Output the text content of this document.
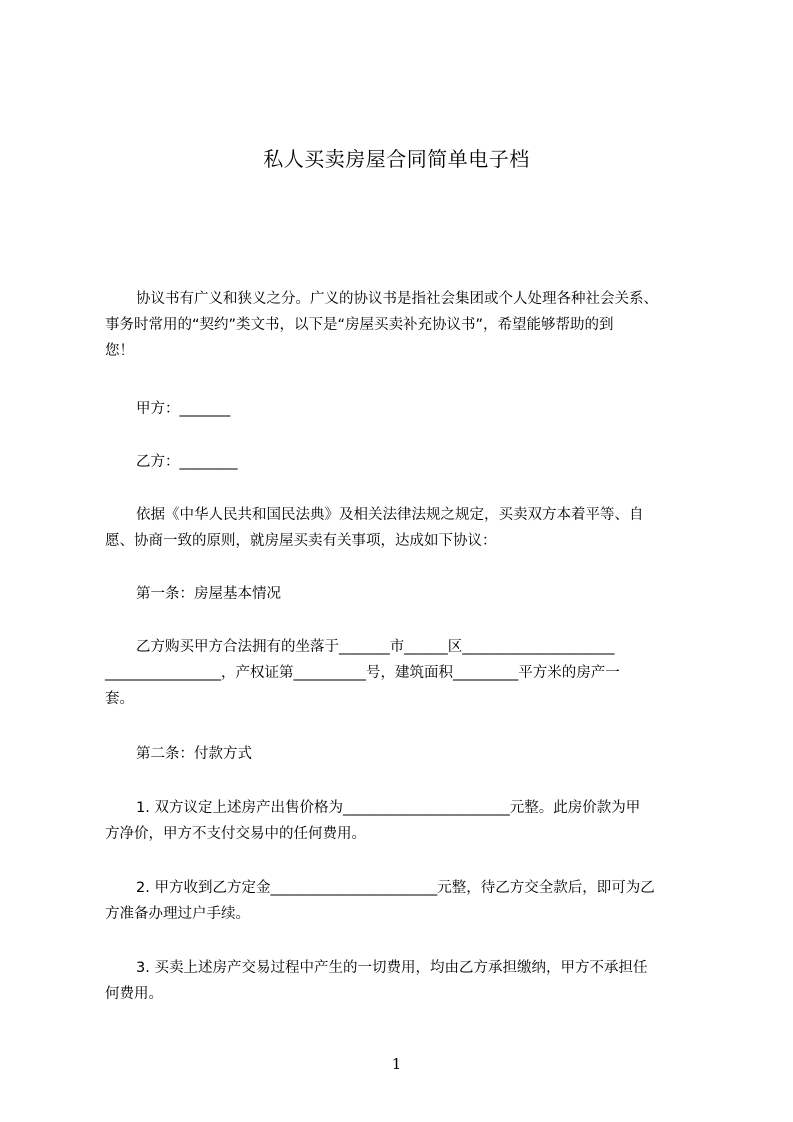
私人买卖房屋合同简单电子档
协议书有广义和狭义之分。广义的协议书是指社会集团或个人处理各种社会关系、
事务时常用的“契约”类文书，以下是“房屋买卖补充协议书”，希望能够帮助的到
您！
甲方：_______
乙方：________
依据《中华人民共和国民法典》及相关法律法规之规定，买卖双方本着平等、自
愿、协商一致的原则，就房屋买卖有关事项，达成如下协议：
第一条：房屋基本情况
乙方购买甲方合法拥有的坐落于_______市______区_____________________
________________，产权证第__________号，建筑面积_________平方米的房产一
套。
第二条：付款方式
1. 双方议定上述房产出售价格为_______________________元整。此房价款为甲
方净价，甲方不支付交易中的任何费用。
2. 甲方收到乙方定金_______________________元整，待乙方交全款后，即可为乙
方准备办理过户手续。
3. 买卖上述房产交易过程中产生的一切费用，均由乙方承担缴纳，甲方不承担任
何费用。
1
